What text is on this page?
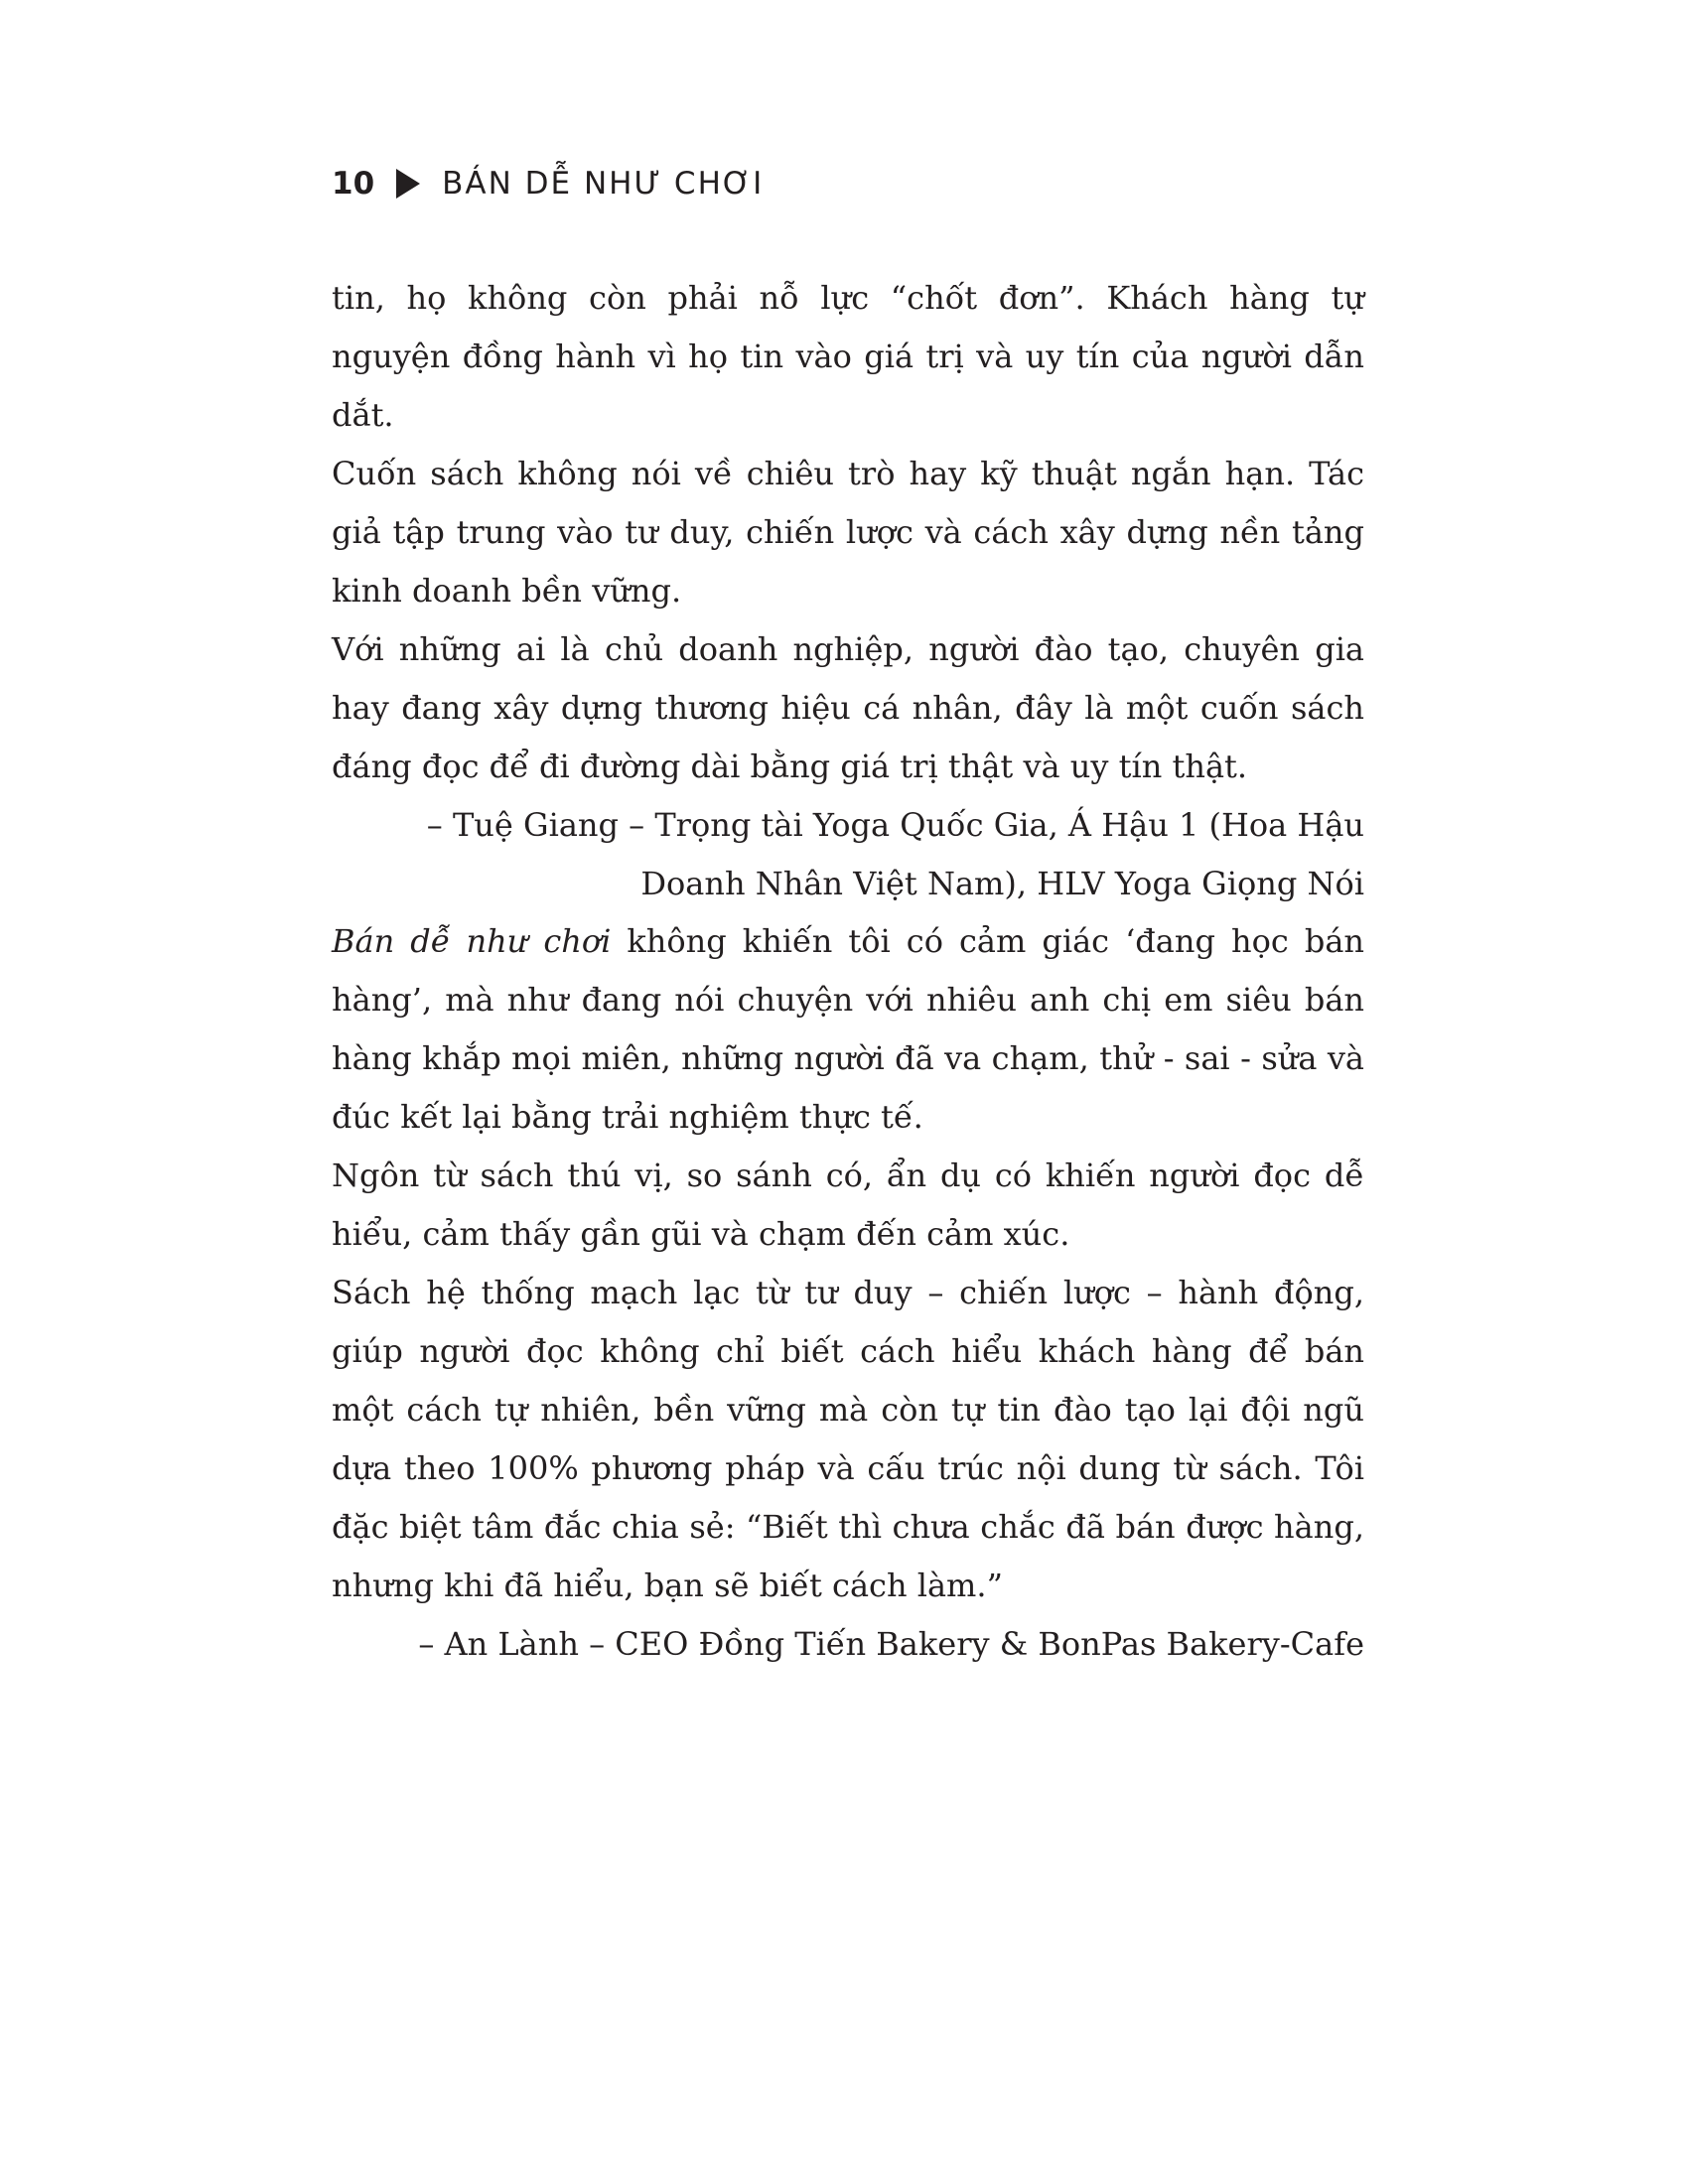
10 BÁN DỄ NHƯ CHƠI

tin, họ không còn phải nỗ lực “chốt đơn”. Khách hàng tự nguyện đồng hành vì họ tin vào giá trị và uy tín của người dẫn dắt.

Cuốn sách không nói về chiêu trò hay kỹ thuật ngắn hạn. Tác giả tập trung vào tư duy, chiến lược và cách xây dựng nền tảng kinh doanh bền vững.

Với những ai là chủ doanh nghiệp, người đào tạo, chuyên gia hay đang xây dựng thương hiệu cá nhân, đây là một cuốn sách đáng đọc để đi đường dài bằng giá trị thật và uy tín thật.

– Tuệ Giang – Trọng tài Yoga Quốc Gia, Á Hậu 1 (Hoa Hậu

Doanh Nhân Việt Nam), HLV Yoga Giọng Nói

Bán dễ như chơi không khiến tôi có cảm giác ‘đang học bán hàng’, mà như đang nói chuyện với nhiêu anh chị em siêu bán hàng khắp mọi miên, những người đã va chạm, thử - sai - sửa và đúc kết lại bằng trải nghiệm thực tế.

Ngôn từ sách thú vị, so sánh có, ẩn dụ có khiến người đọc dễ hiểu, cảm thấy gần gũi và chạm đến cảm xúc.

Sách hệ thống mạch lạc từ tư duy – chiến lược – hành động, giúp người đọc không chỉ biết cách hiểu khách hàng để bán một cách tự nhiên, bền vững mà còn tự tin đào tạo lại đội ngũ dựa theo 100% phương pháp và cấu trúc nội dung từ sách. Tôi đặc biệt tâm đắc chia sẻ: “Biết thì chưa chắc đã bán được hàng, nhưng khi đã hiểu, bạn sẽ biết cách làm.”

– An Lành – CEO Đồng Tiến Bakery & BonPas Bakery-Cafe
